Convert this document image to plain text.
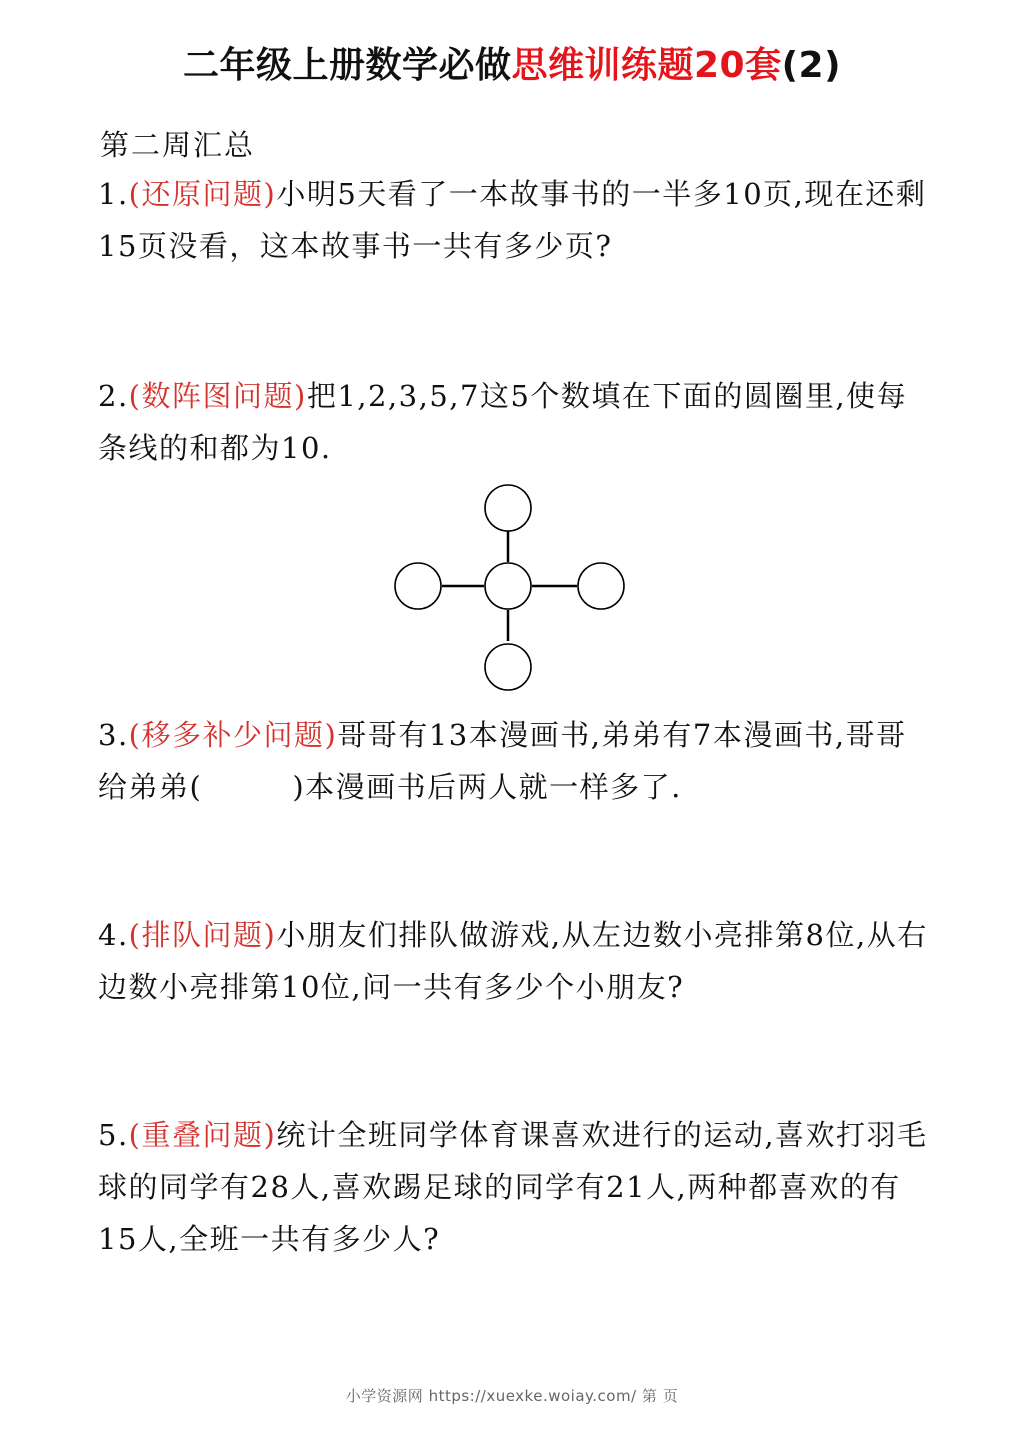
二年级上册数学必做思维训练题20套(2)
第二周汇总
1.(还原问题)小明5天看了一本故事书的一半多10页,现在还剩15页没看，这本故事书一共有多少页?
2.(数阵图问题)把1,2,3,5,7这5个数填在下面的圆圈里,使每条线的和都为10.
3.(移多补少问题)哥哥有13本漫画书,弟弟有7本漫画书,哥哥给弟弟(	)本漫画书后两人就一样多了.
4.(排队问题)小朋友们排队做游戏,从左边数小亮排第8位,从右边数小亮排第10位,问一共有多少个小朋友?
5.(重叠问题)统计全班同学体育课喜欢进行的运动,喜欢打羽毛球的同学有28人,喜欢踢足球的同学有21人,两种都喜欢的有15人,全班一共有多少人?
小学资源网 https://xuexke.woiay.com/ 第 页
